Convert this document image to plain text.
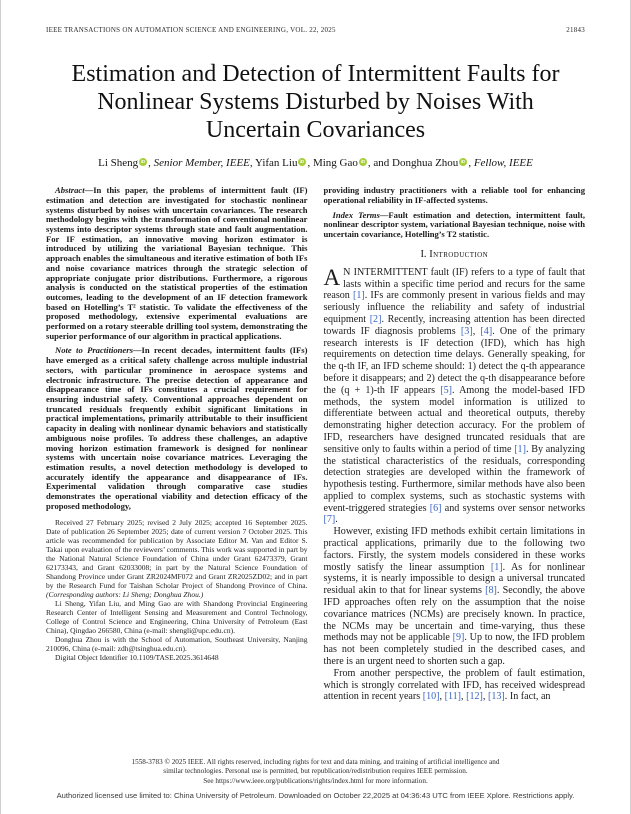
IEEE TRANSACTIONS ON AUTOMATION SCIENCE AND ENGINEERING, VOL. 22, 2025	21843
Estimation and Detection of Intermittent Faults for
Nonlinear Systems Disturbed by Noises With
Uncertain Covariances
Li Sheng iD , Senior Member, IEEE, Yifan Liu iD , Ming Gao iD , and Donghua Zhou iD , Fellow, IEEE

Abstract—In this paper, the problems of intermittent fault (IF) estimation and detection are investigated for stochastic nonlinear systems disturbed by noises with uncertain covariances. The research methodology begins with the transformation of conventional nonlinear systems into descriptor systems through state and fault augmentation. For IF estimation, an innovative moving horizon estimator is introduced by utilizing the variational Bayesian technique. This approach enables the simultaneous and iterative estimation of both IFs and noise covariance matrices through the strategic selection of appropriate conjugate prior distributions. Furthermore, a rigorous analysis is conducted on the statistical properties of the estimation outcomes, leading to the development of an IF detection framework based on Hotelling’s T² statistic. To validate the effectiveness of the proposed methodology, extensive experimental evaluations are performed on a rotary steerable drilling tool system, demonstrating the superior performance of our algorithm in practical applications.

Note to Practitioners—In recent decades, intermittent faults (IFs) have emerged as a critical safety challenge across multiple industrial sectors, with particular prominence in aerospace systems and electronic infrastructure. The precise detection of appearance and disappearance time of IFs constitutes a crucial requirement for ensuring industrial safety. Conventional approaches dependent on truncated residuals frequently exhibit significant limitations in practical implementations, primarily attributable to their insufficient capacity in dealing with nonlinear dynamic behaviors and statistically ambiguous noise profiles. To address these challenges, an adaptive moving horizon estimation framework is designed for nonlinear systems with uncertain noise covariance matrices. Leveraging the estimation results, a novel detection methodology is developed to accurately identify the appearance and disappearance of IFs. Experimental validation through comparative case studies demonstrates the operational viability and detection efficacy of the proposed methodology,

Received 27 February 2025; revised 2 July 2025; accepted 16 September 2025. Date of publication 26 September 2025; date of current version 7 October 2025. This article was recommended for publication by Associate Editor M. Van and Editor S. Takai upon evaluation of the reviewers’ comments. This work was supported in part by the National Natural Science Foundation of China under Grant 62473379, Grant 62173343, and Grant 62033008; in part by the Natural Science Foundation of Shandong Province under Grant ZR2024MF072 and Grant ZR2025ZD02; and in part by the Research Fund for Taishan Scholar Project of Shandong Province of China. (Corresponding authors: Li Sheng; Donghua Zhou.)

Li Sheng, Yifan Liu, and Ming Gao are with Shandong Provincial Engineering Research Center of Intelligent Sensing and Measurement and Control Technology, College of Control Science and Engineering, China University of Petroleum (East China), Qingdao 266580, China (e-mail: shengli@upc.edu.cn).

Donghua Zhou is with the School of Automation, Southeast University, Nanjing 210096, China (e-mail: zdh@tsinghua.edu.cn).

Digital Object Identifier 10.1109/TASE.2025.3614648

providing industry practitioners with a reliable tool for enhancing operational reliability in IF-affected systems.

Index Terms—Fault estimation and detection, intermittent fault, nonlinear descriptor system, variational Bayesian technique, noise with uncertain covariance, Hotelling’s T2 statistic.

I. Introduction

A N INTERMITTENT fault (IF) refers to a type of fault that lasts within a specific time period and recurs for the same reason [1]. IFs are commonly present in various fields and may seriously influence the reliability and safety of industrial equipment [2]. Recently, increasing attention has been directed towards IF diagnosis problems [3], [4]. One of the primary research interests is IF detection (IFD), which has high requirements on detection time delays. Generally speaking, for the q-th IF, an IFD scheme should: 1) detect the q-th appearance before it disappears; and 2) detect the q-th disappearance before the (q + 1)-th IF appears [5]. Among the model-based IFD methods, the system model information is utilized to differentiate between actual and theoretical outputs, thereby demonstrating higher detection accuracy. For the problem of IFD, researchers have designed truncated residuals that are sensitive only to faults within a period of time [1]. By analyzing the statistical characteristics of the residuals, corresponding detection strategies are developed within the framework of hypothesis testing. Furthermore, similar methods have also been applied to complex systems, such as stochastic systems with event-triggered strategies [6] and systems over sensor networks [7].

However, existing IFD methods exhibit certain limitations in practical applications, primarily due to the following two factors. Firstly, the system models considered in these works mostly satisfy the linear assumption [1]. As for nonlinear systems, it is nearly impossible to design a universal truncated residual akin to that for linear systems [8]. Secondly, the above IFD approaches often rely on the assumption that the noise covariance matrices (NCMs) are precisely known. In practice, the NCMs may be uncertain and time-varying, thus these methods may not be applicable [9]. Up to now, the IFD problem has not been completely studied in the described cases, and there is an urgent need to shorten such a gap.

From another perspective, the problem of fault estimation, which is strongly correlated with IFD, has received widespread attention in recent years [10], [11], [12], [13]. In fact, an

1558-3783 © 2025 IEEE. All rights reserved, including rights for text and data mining, and training of artificial intelligence and
similar technologies. Personal use is permitted, but republication/redistribution requires IEEE permission.
See https://www.ieee.org/publications/rights/index.html for more information.
Authorized licensed use limited to: China University of Petroleum. Downloaded on October 22,2025 at 04:36:43 UTC from IEEE Xplore. Restrictions apply.
